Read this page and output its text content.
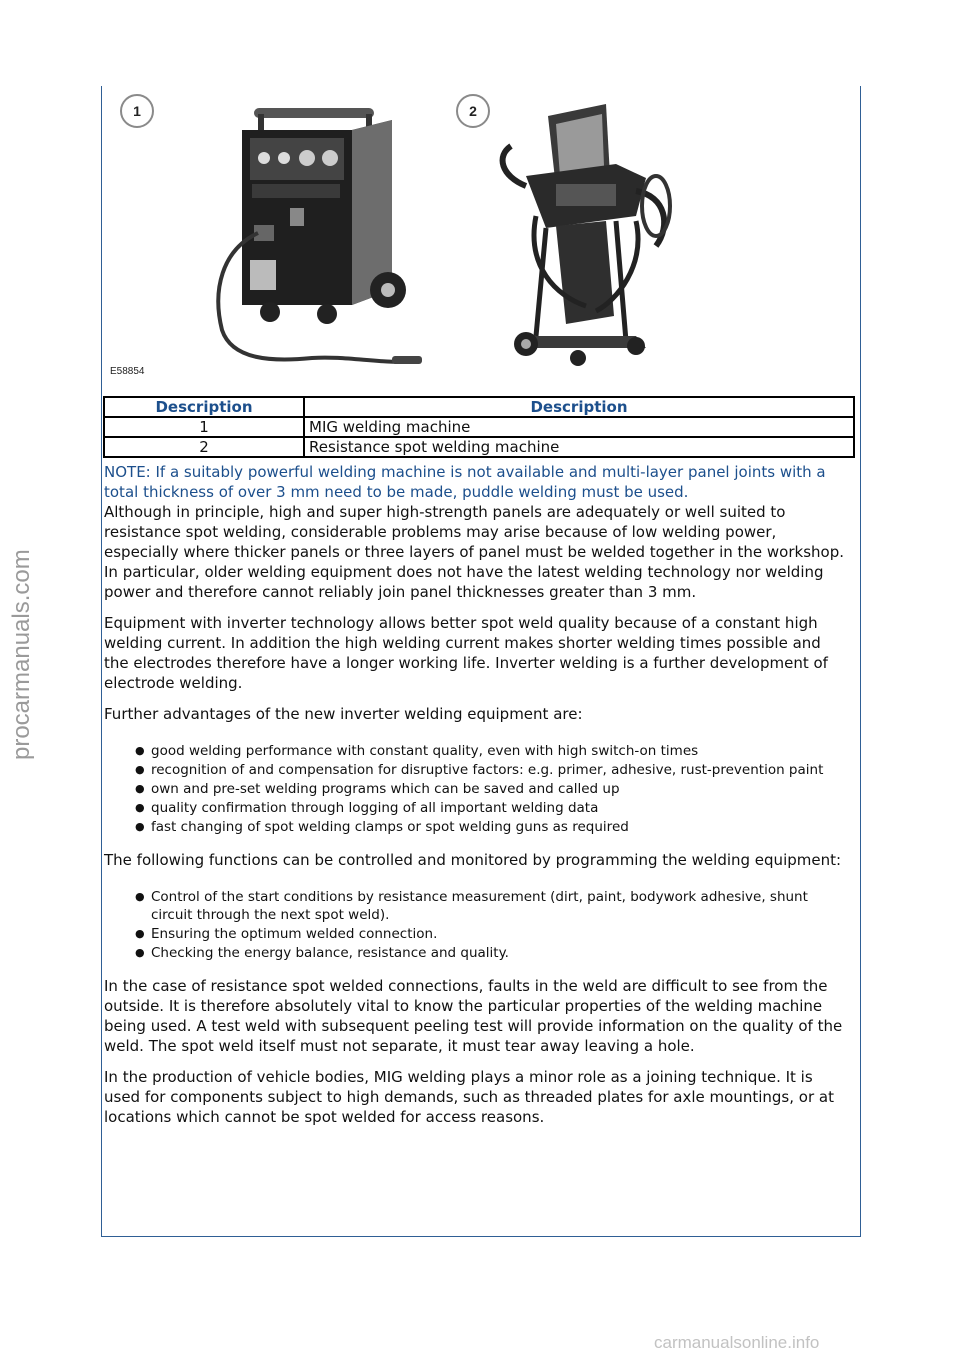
procarmanuals.com
carmanualsonline.info
1	2
E58854
Description	Description
1	MIG welding machine
2	Resistance spot welding machine

NOTE: If a suitably powerful welding machine is not available and multi-layer panel joints with a total thickness of over 3 mm need to be made, puddle welding must be used.

Although in principle, high and super high-strength panels are adequately or well suited to resistance spot welding, considerable problems may arise because of low welding power, especially where thicker panels or three layers of panel must be welded together in the workshop. In particular, older welding equipment does not have the latest welding technology nor welding power and therefore cannot reliably join panel thicknesses greater than 3 mm.

Equipment with inverter technology allows better spot weld quality because of a constant high welding current. In addition the high welding current makes shorter welding times possible and the electrodes therefore have a longer working life. Inverter welding is a further development of electrode welding.

Further advantages of the new inverter welding equipment are:

● good welding performance with constant quality, even with high switch-on times
● recognition of and compensation for disruptive factors: e.g. primer, adhesive, rust-prevention paint
● own and pre-set welding programs which can be saved and called up
● quality confirmation through logging of all important welding data
● fast changing of spot welding clamps or spot welding guns as required

The following functions can be controlled and monitored by programming the welding equipment:

● Control of the start conditions by resistance measurement (dirt, paint, bodywork adhesive, shunt circuit through the next spot weld).
● Ensuring the optimum welded connection.
● Checking the energy balance, resistance and quality.

In the case of resistance spot welded connections, faults in the weld are difficult to see from the outside. It is therefore absolutely vital to know the particular properties of the welding machine being used. A test weld with subsequent peeling test will provide information on the quality of the weld. The spot weld itself must not separate, it must tear away leaving a hole.

In the production of vehicle bodies, MIG welding plays a minor role as a joining technique. It is used for components subject to high demands, such as threaded plates for axle mountings, or at locations which cannot be spot welded for access reasons.
